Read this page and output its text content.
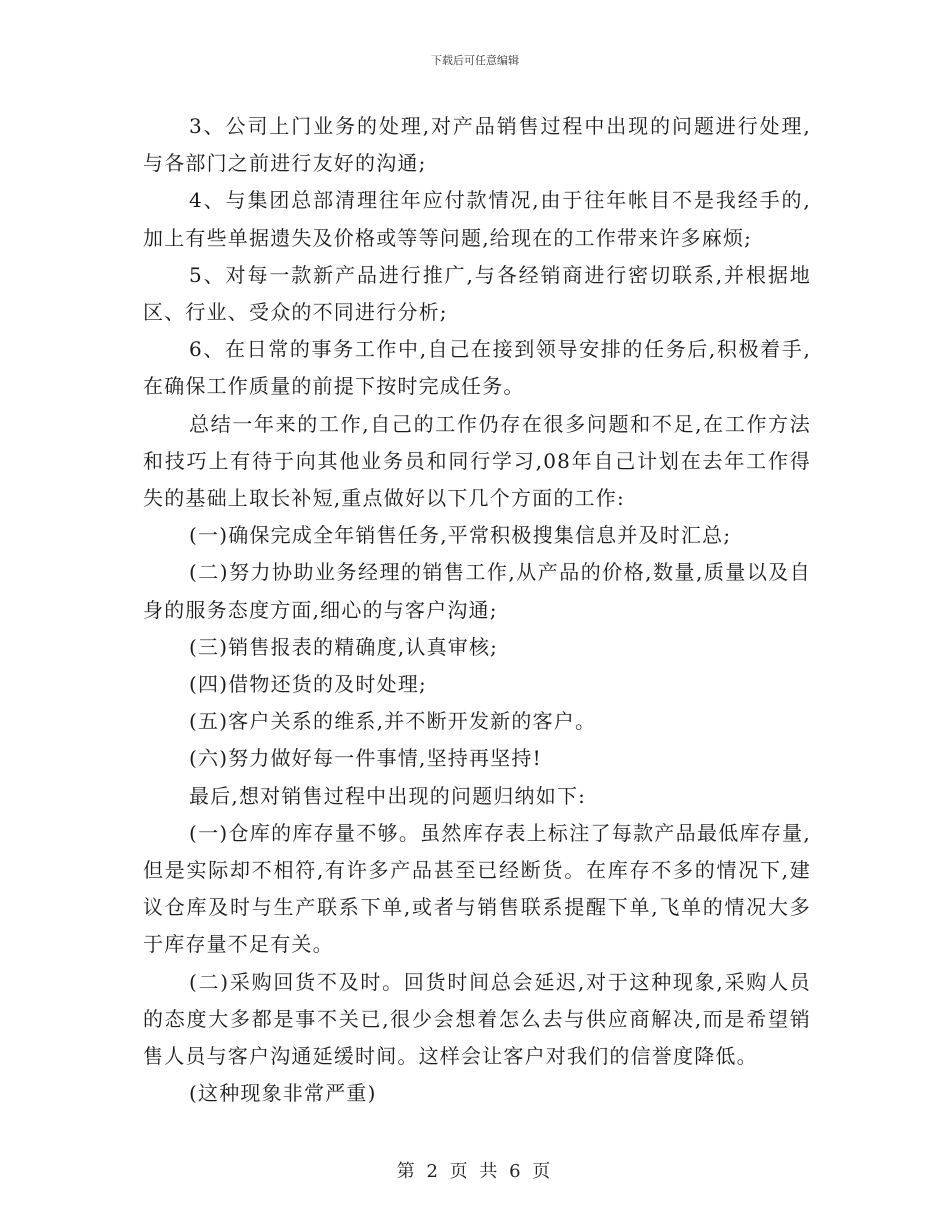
下载后可任意编辑

3、公司上门业务的处理,对产品销售过程中出现的问题进行处理,与各部门之前进行友好的沟通;

4、与集团总部清理往年应付款情况,由于往年帐目不是我经手的,加上有些单据遗失及价格或等等问题,给现在的工作带来许多麻烦;

5、对每一款新产品进行推广,与各经销商进行密切联系,并根据地区、行业、受众的不同进行分析;

6、在日常的事务工作中,自己在接到领导安排的任务后,积极着手,在确保工作质量的前提下按时完成任务。

总结一年来的工作,自己的工作仍存在很多问题和不足,在工作方法和技巧上有待于向其他业务员和同行学习,08年自己计划在去年工作得失的基础上取长补短,重点做好以下几个方面的工作:

(一)确保完成全年销售任务,平常积极搜集信息并及时汇总;

(二)努力协助业务经理的销售工作,从产品的价格,数量,质量以及自身的服务态度方面,细心的与客户沟通;

(三)销售报表的精确度,认真审核;

(四)借物还货的及时处理;

(五)客户关系的维系,并不断开发新的客户。

(六)努力做好每一件事情,坚持再坚持!

最后,想对销售过程中出现的问题归纳如下:

(一)仓库的库存量不够。虽然库存表上标注了每款产品最低库存量,但是实际却不相符,有许多产品甚至已经断货。在库存不多的情况下,建议仓库及时与生产联系下单,或者与销售联系提醒下单,飞单的情况大多于库存量不足有关。

(二)采购回货不及时。回货时间总会延迟,对于这种现象,采购人员的态度大多都是事不关已,很少会想着怎么去与供应商解决,而是希望销售人员与客户沟通延缓时间。这样会让客户对我们的信誉度降低。

(这种现象非常严重)

第 2 页 共 6 页
